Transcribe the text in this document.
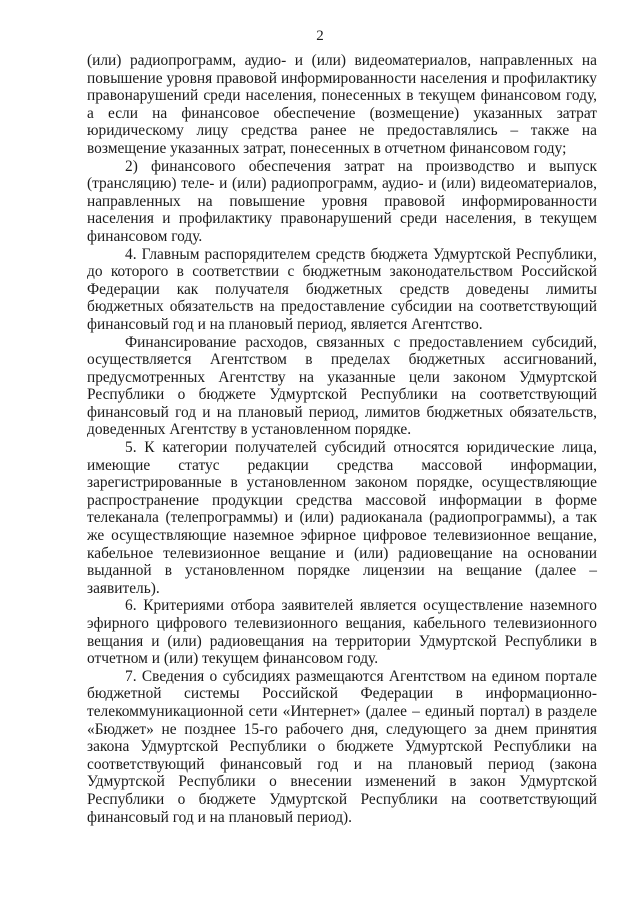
2

(или) радиопрограмм, аудио- и (или) видеоматериалов, направленных на повышение уровня правовой информированности населения и профилактику правонарушений среди населения, понесенных в текущем финансовом году, а если на финансовое обеспечение (возмещение) указанных затрат юридическому лицу средства ранее не предоставлялись – также на возмещение указанных затрат, понесенных в отчетном финансовом году;

2) финансового обеспечения затрат на производство и выпуск (трансляцию) теле- и (или) радиопрограмм, аудио- и (или) видеоматериалов, направленных на повышение уровня правовой информированности населения и профилактику правонарушений среди населения, в текущем финансовом году.

4. Главным распорядителем средств бюджета Удмуртской Республики, до которого в соответствии с бюджетным законодательством Российской Федерации как получателя бюджетных средств доведены лимиты бюджетных обязательств на предоставление субсидии на соответствующий финансовый год и на плановый период, является Агентство.

Финансирование расходов, связанных с предоставлением субсидий, осуществляется Агентством в пределах бюджетных ассигнований, предусмотренных Агентству на указанные цели законом Удмуртской Республики о бюджете Удмуртской Республики на соответствующий финансовый год и на плановый период, лимитов бюджетных обязательств, доведенных Агентству в установленном порядке.

5. К категории получателей субсидий относятся юридические лица, имеющие статус редакции средства массовой информации, зарегистрированные в установленном законом порядке, осуществляющие распространение продукции средства массовой информации в форме телеканала (телепрограммы) и (или) радиоканала (радиопрограммы), а так же осуществляющие наземное эфирное цифровое телевизионное вещание, кабельное телевизионное вещание и (или) радиовещание на основании выданной в установленном порядке лицензии на вещание (далее – заявитель).

6. Критериями отбора заявителей является осуществление наземного эфирного цифрового телевизионного вещания, кабельного телевизионного вещания и (или) радиовещания на территории Удмуртской Республики в отчетном и (или) текущем финансовом году.

7. Сведения о субсидиях размещаются Агентством на едином портале бюджетной системы Российской Федерации в информационно-телекоммуникационной сети «Интернет» (далее – единый портал) в разделе «Бюджет» не позднее 15-го рабочего дня, следующего за днем принятия закона Удмуртской Республики о бюджете Удмуртской Республики на соответствующий финансовый год и на плановый период (закона Удмуртской Республики о внесении изменений в закон Удмуртской Республики о бюджете Удмуртской Республики на соответствующий финансовый год и на плановый период).
